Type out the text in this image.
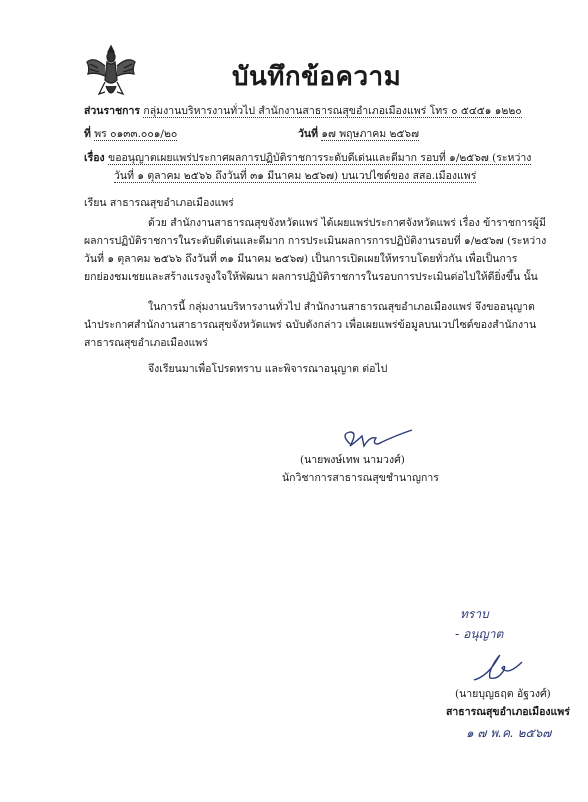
บันทึกข้อความ
ส่วนราชการ กลุ่มงานบริหารงานทั่วไป สำนักงานสาธารณสุขอำเภอเมืองแพร่ โทร ๐ ๕๔๕๑ ๑๒๒๐
ที่ พร ๐๑๓๓.๐๐๑/๒๐	วันที่ ๑๗ พฤษภาคม ๒๕๖๗
เรื่อง ขออนุญาตเผยแพร่ประกาศผลการปฏิบัติราชการระดับดีเด่นและดีมาก รอบที่ ๑/๒๕๖๗ (ระหว่าง
วันที่ ๑ ตุลาคม ๒๕๖๖ ถึงวันที่ ๓๑ มีนาคม ๒๕๖๗) บนเวปไซด์ของ สสอ.เมืองแพร่
เรียน สาธารณสุขอำเภอเมืองแพร่
ด้วย สำนักงานสาธารณสุขจังหวัดแพร่ ได้เผยแพร่ประกาศจังหวัดแพร่ เรื่อง ข้าราชการผู้มี
ผลการปฏิบัติราชการในระดับดีเด่นและดีมาก การประเมินผลการการปฏิบัติงานรอบที่ ๑/๒๕๖๗ (ระหว่าง
วันที่ ๑ ตุลาคม ๒๕๖๖ ถึงวันที่ ๓๑ มีนาคม ๒๕๖๗) เป็นการเปิดเผยให้ทราบโดยทั่วกัน เพื่อเป็นการ
ยกย่องชมเชยและสร้างแรงจูงใจให้พัฒนา ผลการปฏิบัติราชการในรอบการประเมินต่อไปให้ดียิ่งขึ้น นั้น
ในการนี้ กลุ่มงานบริหารงานทั่วไป สำนักงานสาธารณสุขอำเภอเมืองแพร่ จึงขออนุญาต
นำประกาศสำนักงานสาธารณสุขจังหวัดแพร่ ฉบับดังกล่าว เพื่อเผยแพร่ข้อมูลบนเวปไซด์ของสำนักงาน
สาธารณสุขอำเภอเมืองแพร่
จึงเรียนมาเพื่อโปรดทราบ และพิจารณาอนุญาต ต่อไป
(นายพงษ์เทพ นามวงศ์)
นักวิชาการสาธารณสุขชำนาญการ
ทราบ
- อนุญาต
(นายบุญธฤต อัฐวงศ์)
สาธารณสุขอำเภอเมืองแพร่
๑ ๗ พ.ค. ๒๕๖๗
